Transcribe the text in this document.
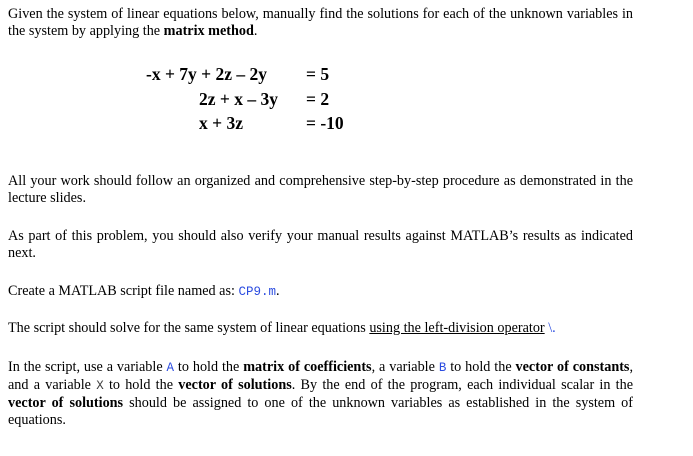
Given the system of linear equations below, manually find the solutions for each of the unknown variables in the system by applying the matrix method.

-x + 7y + 2z – 2y = 5
2z + x – 3y = 2
x + 3z	= -10

All your work should follow an organized and comprehensive step-by-step procedure as demonstrated in the lecture slides.

As part of this problem, you should also verify your manual results against MATLAB’s results as indicated next.

Create a MATLAB script file named as: CP9.m.

The script should solve for the same system of linear equations using the left-division operator \.

In the script, use a variable A to hold the matrix of coefficients, a variable B to hold the vector of constants, and a variable X to hold the vector of solutions. By the end of the program, each individual scalar in the vector of solutions should be assigned to one of the unknown variables as established in the system of equations.
